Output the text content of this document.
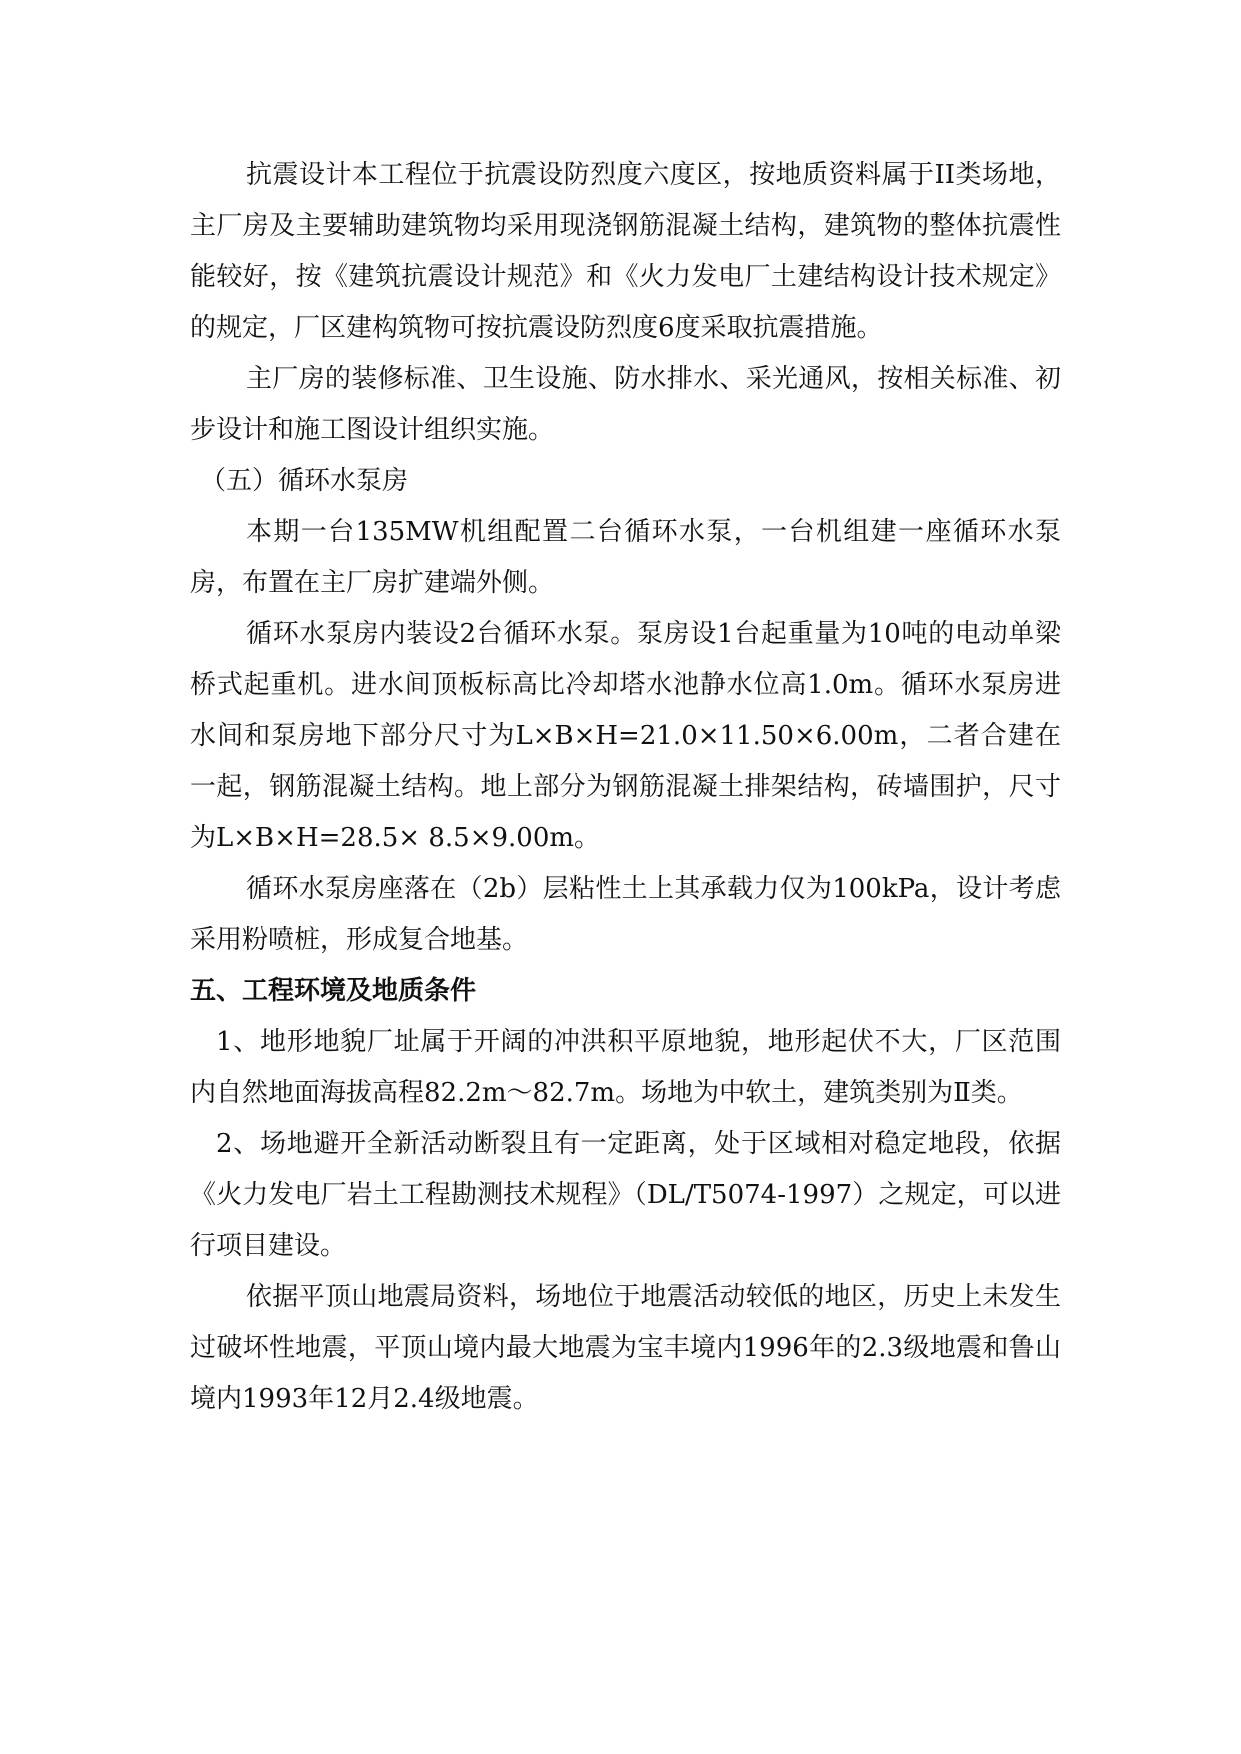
抗震设计本工程位于抗震设防烈度六度区，按地质资料属于II类场地，主厂房及主要辅助建筑物均采用现浇钢筋混凝土结构，建筑物的整体抗震性能较好，按《建筑抗震设计规范》和《火力发电厂土建结构设计技术规定》的规定，厂区建构筑物可按抗震设防烈度6度采取抗震措施。

主厂房的装修标准、卫生设施、防水排水、采光通风，按相关标准、初步设计和施工图设计组织实施。

（五）循环水泵房

本期一台135MW机组配置二台循环水泵，一台机组建一座循环水泵房，布置在主厂房扩建端外侧。

循环水泵房内装设2台循环水泵。泵房设1台起重量为10吨的电动单梁桥式起重机。进水间顶板标高比冷却塔水池静水位高1.0m。循环水泵房进水间和泵房地下部分尺寸为L×B×H=21.0×11.50×6.00m，二者合建在一起，钢筋混凝土结构。地上部分为钢筋混凝土排架结构，砖墙围护，尺寸为L×B×H=28.5× 8.5×9.00m。

循环水泵房座落在（2b）层粘性土上其承载力仅为100kPa，设计考虑采用粉喷桩，形成复合地基。

五、工程环境及地质条件

1、地形地貌厂址属于开阔的冲洪积平原地貌，地形起伏不大，厂区范围内自然地面海拔高程82.2m～82.7m。场地为中软土，建筑类别为Ⅱ类。

2、场地避开全新活动断裂且有一定距离，处于区域相对稳定地段，依据《火力发电厂岩土工程勘测技术规程》（DL/T5074-1997）之规定，可以进行项目建设。

依据平顶山地震局资料，场地位于地震活动较低的地区，历史上未发生过破坏性地震，平顶山境内最大地震为宝丰境内1996年的2.3级地震和鲁山境内1993年12月2.4级地震。
